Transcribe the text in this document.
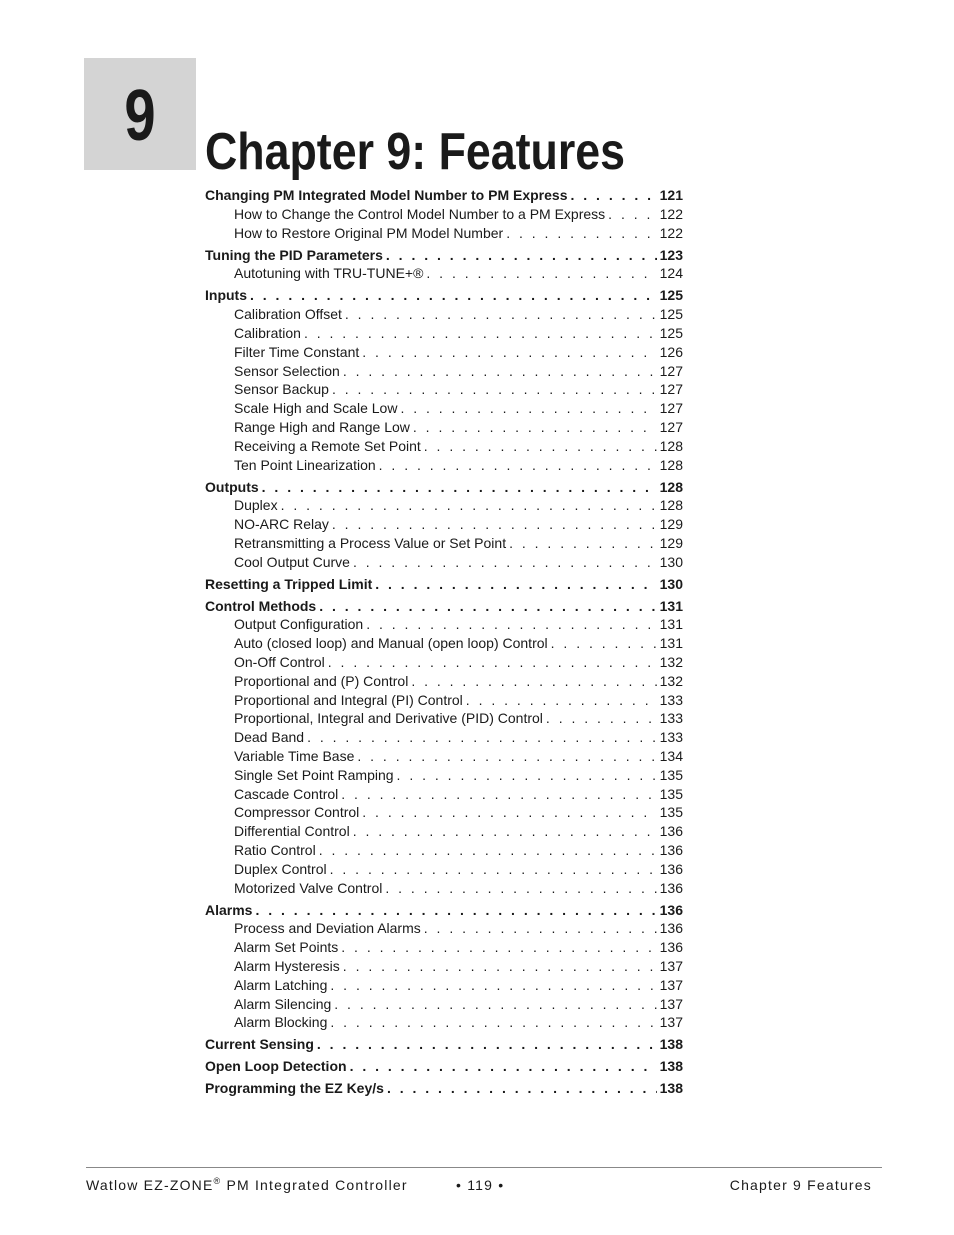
9 Chapter 9: Features
Changing PM Integrated Model Number to PM Express . . .	121
How to Change the Control Model Number to a PM Express . . .	122
How to Restore Original PM Model Number . . .	122
Tuning the PID Parameters . . .	123
Autotuning with TRU-TUNE+® . . .	124
Inputs . . .	125
Calibration Offset . . .	125
Calibration . . .	125
Filter Time Constant . . .	126
Sensor Selection . . .	127
Sensor Backup . . .	127
Scale High and Scale Low . . .	127
Range High and Range Low . . .	127
Receiving a Remote Set Point . . .	128
Ten Point Linearization . . .	128
Outputs . . .	128
Duplex . . .	128
NO-ARC Relay . . .	129
Retransmitting a Process Value or Set Point . . .	129
Cool Output Curve . . .	130
Resetting a Tripped Limit . . .	130
Control Methods . . .	131
Output Configuration . . .	131
Auto (closed loop) and Manual (open loop) Control . . .	131
On-Off Control . . .	132
Proportional and (P) Control . . .	132
Proportional and Integral (PI) Control . . .	133
Proportional, Integral and Derivative (PID) Control . . .	133
Dead Band . . .	133
Variable Time Base . . .	134
Single Set Point Ramping . . .	135
Cascade Control . . .	135
Compressor Control . . .	135
Differential Control . . .	136
Ratio Control . . .	136
Duplex Control . . .	136
Motorized Valve Control . . .	136
Alarms . . .	136
Process and Deviation Alarms . . .	136
Alarm Set Points . . .	136
Alarm Hysteresis . . .	137
Alarm Latching . . .	137
Alarm Silencing . . .	137
Alarm Blocking . . .	137
Current Sensing . . .	138
Open Loop Detection . . .	138
Programming the EZ Key/s . . .	138
Watlow EZ-ZONE® PM Integrated Controller	• 119 •	Chapter 9 Features
